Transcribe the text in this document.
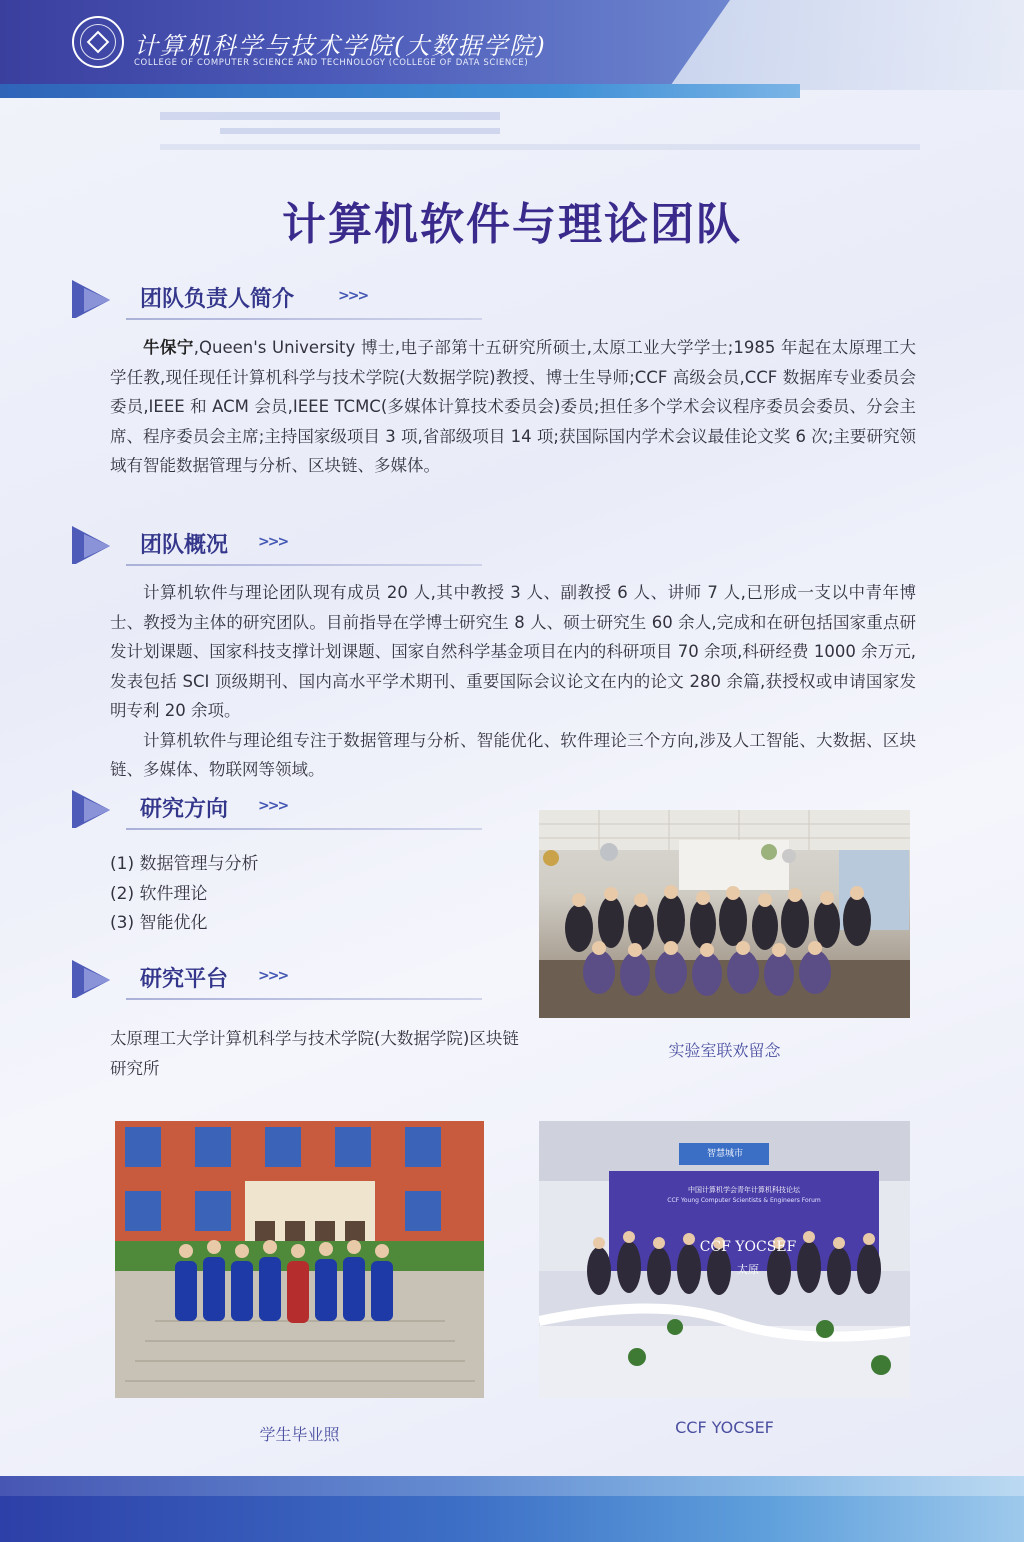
计算机科学与技术学院(大数据学院)
COLLEGE OF COMPUTER SCIENCE AND TECHNOLOGY (COLLEGE OF DATA SCIENCE)
计算机软件与理论团队
团队负责人简介	>>>

牛保宁,Queen's University 博士,电子部第十五研究所硕士,太原工业大学学士;1985 年起在太原理工大学任教,现任现任计算机科学与技术学院(大数据学院)教授、博士生导师;CCF 高级会员,CCF 数据库专业委员会委员,IEEE 和 ACM 会员,IEEE TCMC(多媒体计算技术委员会)委员;担任多个学术会议程序委员会委员、分会主席、程序委员会主席;主持国家级项目 3 项,省部级项目 14 项;获国际国内学术会议最佳论文奖 6 次;主要研究领域有智能数据管理与分析、区块链、多媒体。

团队概况 >>>

计算机软件与理论团队现有成员 20 人,其中教授 3 人、副教授 6 人、讲师 7 人,已形成一支以中青年博士、教授为主体的研究团队。目前指导在学博士研究生 8 人、硕士研究生 60 余人,完成和在研包括国家重点研发计划课题、国家科技支撑计划课题、国家自然科学基金项目在内的科研项目 70 余项,科研经费 1000 余万元,发表包括 SCI 顶级期刊、国内高水平学术期刊、重要国际会议论文在内的论文 280 余篇,获授权或申请国家发明专利 20 余项。

计算机软件与理论组专注于数据管理与分析、智能优化、软件理论三个方向,涉及人工智能、大数据、区块链、多媒体、物联网等领域。

研究方向 >>>
(1) 数据管理与分析
(2) 软件理论
(3) 智能优化
研究平台 >>>
太原理工大学计算机科学与技术学院(大数据学院)区块链研究所
实验室联欢留念
学生毕业照
智慧城市
中国计算机学会青年计算机科技论坛
CCF Young Computer Scientists & Engineers Forum
CCF YOCSEF
太原
CCF YOCSEF
